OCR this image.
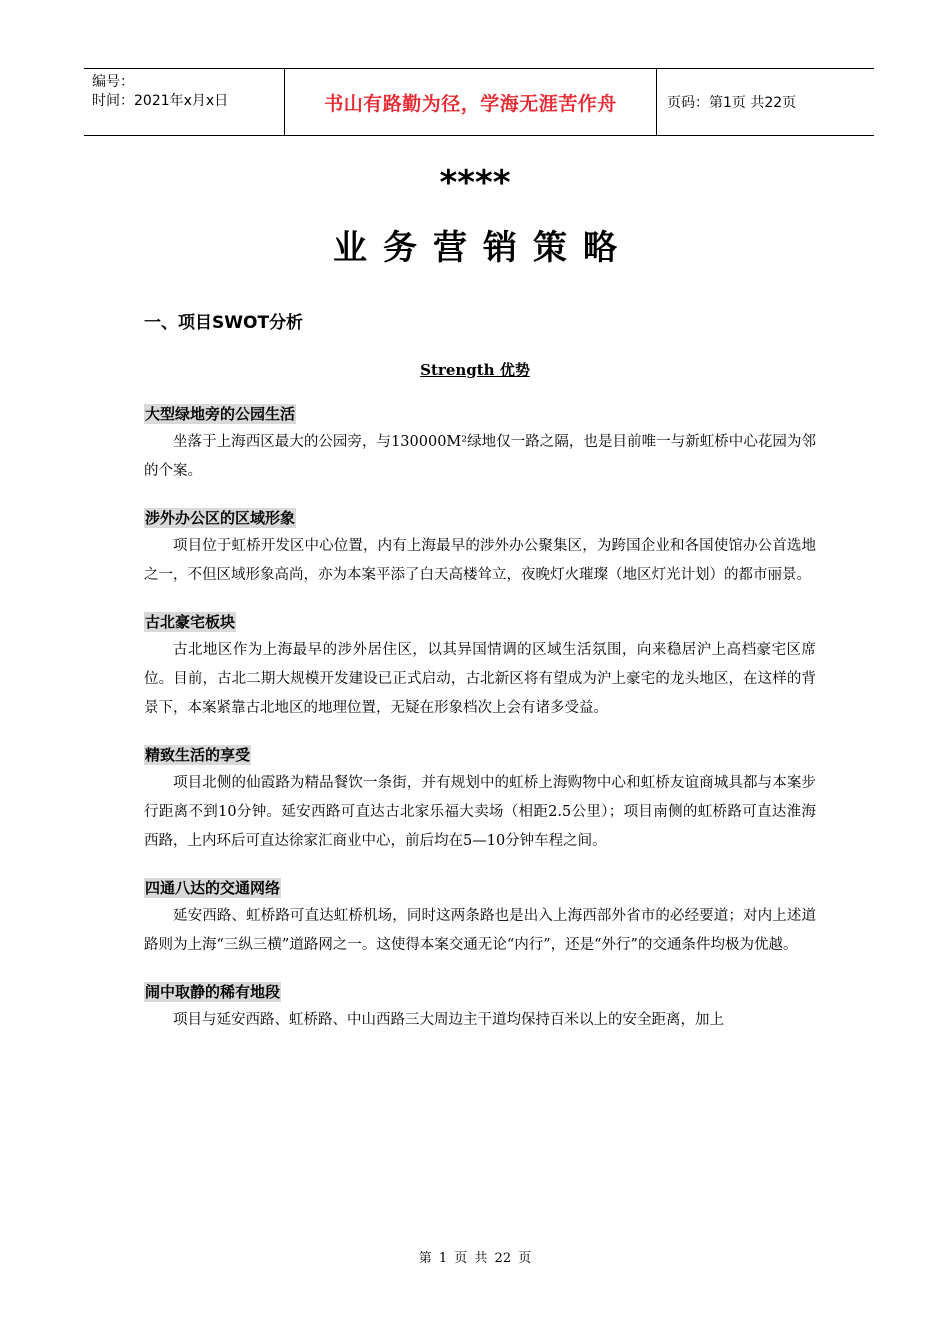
编号：
时间：2021年x月x日	书山有路勤为径，学海无涯苦作舟	页码：第1页 共22页
****
业务营销策略
一、项目SWOT分析
Strength 优势
大型绿地旁的公园生活

坐落于上海西区最大的公园旁，与130000M²绿地仅一路之隔，也是目前唯一与新虹桥中心花园为邻的个案。

涉外办公区的区域形象

项目位于虹桥开发区中心位置，内有上海最早的涉外办公聚集区，为跨国企业和各国使馆办公首选地之一，不但区域形象高尚，亦为本案平添了白天高楼耸立，夜晚灯火璀璨（地区灯光计划）的都市丽景。

古北豪宅板块

古北地区作为上海最早的涉外居住区，以其异国情调的区域生活氛围，向来稳居沪上高档豪宅区席位。目前，古北二期大规模开发建设已正式启动，古北新区将有望成为沪上豪宅的龙头地区，在这样的背景下，本案紧靠古北地区的地理位置，无疑在形象档次上会有诸多受益。

精致生活的享受

项目北侧的仙霞路为精品餐饮一条街，并有规划中的虹桥上海购物中心和虹桥友谊商城具都与本案步行距离不到10分钟。延安西路可直达古北家乐福大卖场（相距2.5公里）；项目南侧的虹桥路可直达淮海西路，上内环后可直达徐家汇商业中心，前后均在5—10分钟车程之间。

四通八达的交通网络

延安西路、虹桥路可直达虹桥机场，同时这两条路也是出入上海西部外省市的必经要道；对内上述道路则为上海“三纵三横”道路网之一。这使得本案交通无论“内行”，还是“外行”的交通条件均极为优越。

闹中取静的稀有地段

项目与延安西路、虹桥路、中山西路三大周边主干道均保持百米以上的安全距离，加上

第 1 页 共 22 页
